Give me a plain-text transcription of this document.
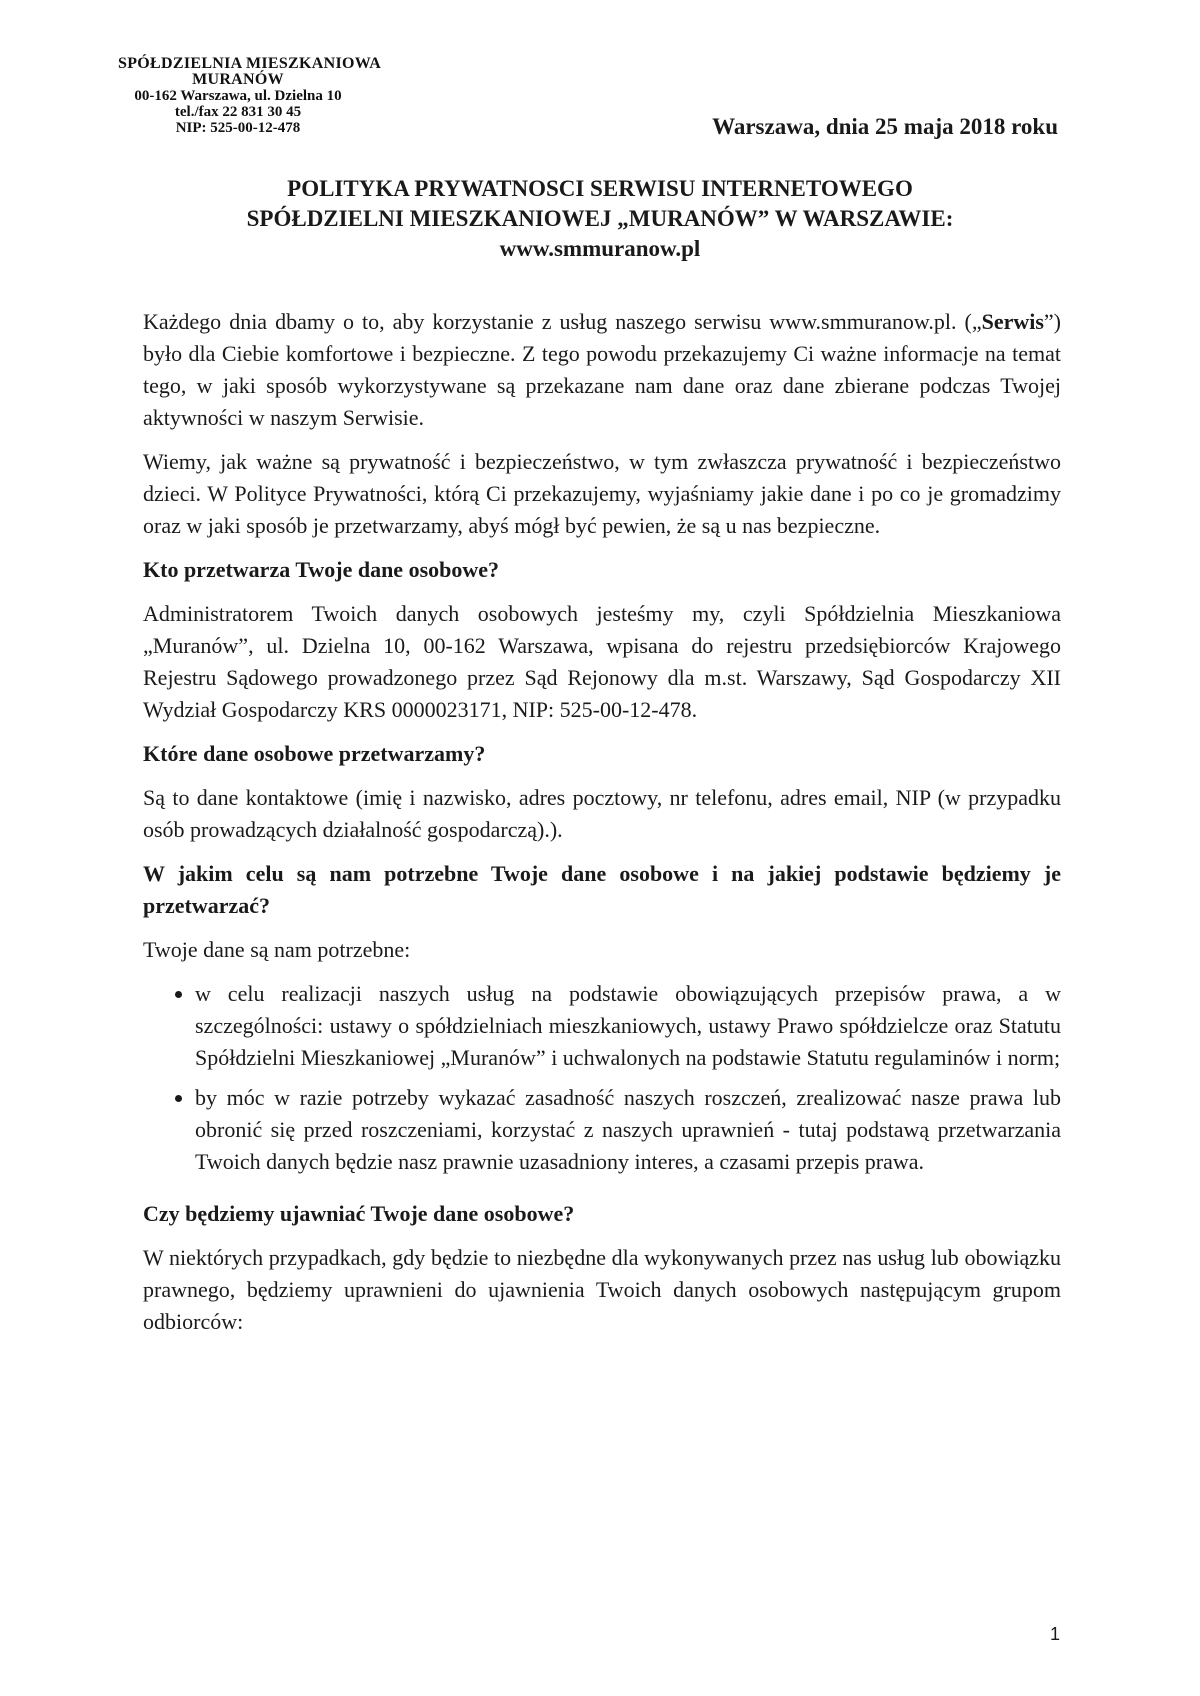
SPÓŁDZIELNIA MIESZKANIOWA
MURANÓW
00-162 Warszawa, ul. Dzielna 10
tel./fax 22 831 30 45
NIP: 525-00-12-478	Warszawa, dnia 25 maja 2018 roku
POLITYKA PRYWATNOSCI SERWISU INTERNETOWEGO
SPÓŁDZIELNI MIESZKANIOWEJ „MURANÓW” W WARSZAWIE:
www.smmuranow.pl

Każdego dnia dbamy o to, aby korzystanie z usług naszego serwisu www.smmuranow.pl. („Serwis”) było dla Ciebie komfortowe i bezpieczne. Z tego powodu przekazujemy Ci ważne informacje na temat tego, w jaki sposób wykorzystywane są przekazane nam dane oraz dane zbierane podczas Twojej aktywności w naszym Serwisie.

Wiemy, jak ważne są prywatność i bezpieczeństwo, w tym zwłaszcza prywatność i bezpieczeństwo dzieci. W Polityce Prywatności, którą Ci przekazujemy, wyjaśniamy jakie dane i po co je gromadzimy oraz w jaki sposób je przetwarzamy, abyś mógł być pewien, że są u nas bezpieczne.

Kto przetwarza Twoje dane osobowe?

Administratorem Twoich danych osobowych jesteśmy my, czyli Spółdzielnia Mieszkaniowa „Muranów”, ul. Dzielna 10, 00-162 Warszawa, wpisana do rejestru przedsiębiorców Krajowego Rejestru Sądowego prowadzonego przez Sąd Rejonowy dla m.st. Warszawy, Sąd Gospodarczy XII Wydział Gospodarczy KRS 0000023171, NIP: 525-00-12-478.

Które dane osobowe przetwarzamy?

Są to dane kontaktowe (imię i nazwisko, adres pocztowy, nr telefonu, adres email, NIP (w przypadku osób prowadzących działalność gospodarczą).).

W jakim celu są nam potrzebne Twoje dane osobowe i na jakiej podstawie będziemy je przetwarzać?

Twoje dane są nam potrzebne:

• w celu realizacji naszych usług na podstawie obowiązujących przepisów prawa, a w szczególności: ustawy o spółdzielniach mieszkaniowych, ustawy Prawo spółdzielcze oraz Statutu Spółdzielni Mieszkaniowej „Muranów” i uchwalonych na podstawie Statutu regulaminów i norm;
• by móc w razie potrzeby wykazać zasadność naszych roszczeń, zrealizować nasze prawa lub obronić się przed roszczeniami, korzystać z naszych uprawnień - tutaj podstawą przetwarzania Twoich danych będzie nasz prawnie uzasadniony interes, a czasami przepis prawa.
Czy będziemy ujawniać Twoje dane osobowe?

W niektórych przypadkach, gdy będzie to niezbędne dla wykonywanych przez nas usług lub obowiązku prawnego, będziemy uprawnieni do ujawnienia Twoich danych osobowych następującym grupom odbiorców:

1
